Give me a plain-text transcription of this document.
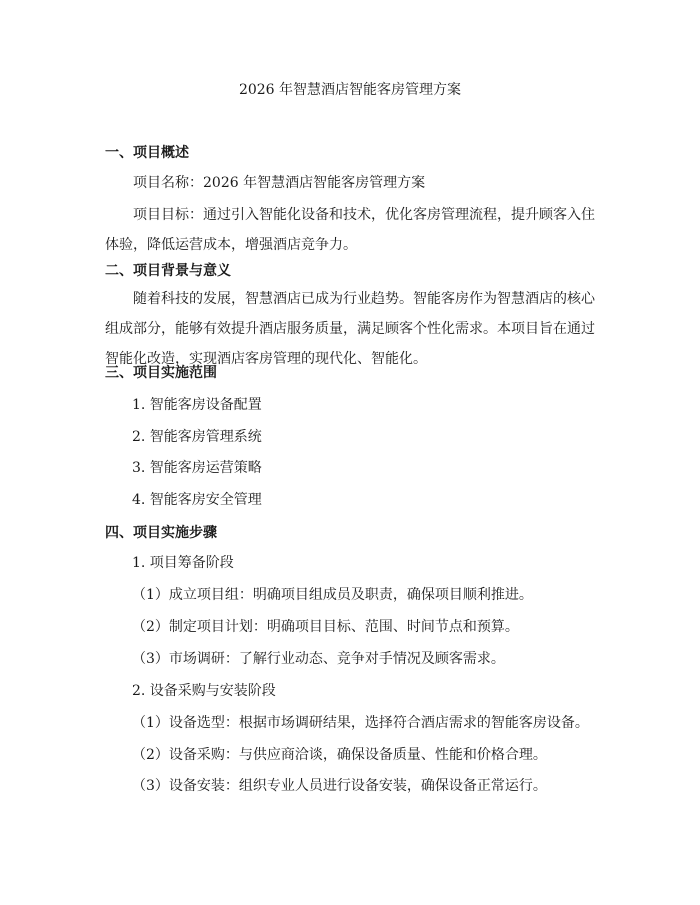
2026 年智慧酒店智能客房管理方案
一、项目概述
项目名称：2026 年智慧酒店智能客房管理方案
项目目标：通过引入智能化设备和技术，优化客房管理流程，提升顾客入住体验，降低运营成本，增强酒店竞争力。
二、项目背景与意义
随着科技的发展，智慧酒店已成为行业趋势。智能客房作为智慧酒店的核心组成部分，能够有效提升酒店服务质量，满足顾客个性化需求。本项目旨在通过智能化改造，实现酒店客房管理的现代化、智能化。
三、项目实施范围
1. 智能客房设备配置
2. 智能客房管理系统
3. 智能客房运营策略
4. 智能客房安全管理
四、项目实施步骤
1. 项目筹备阶段
（1）成立项目组：明确项目组成员及职责，确保项目顺利推进。
（2）制定项目计划：明确项目目标、范围、时间节点和预算。
（3）市场调研：了解行业动态、竞争对手情况及顾客需求。
2. 设备采购与安装阶段
（1）设备选型：根据市场调研结果，选择符合酒店需求的智能客房设备。
（2）设备采购：与供应商洽谈，确保设备质量、性能和价格合理。
（3）设备安装：组织专业人员进行设备安装，确保设备正常运行。
